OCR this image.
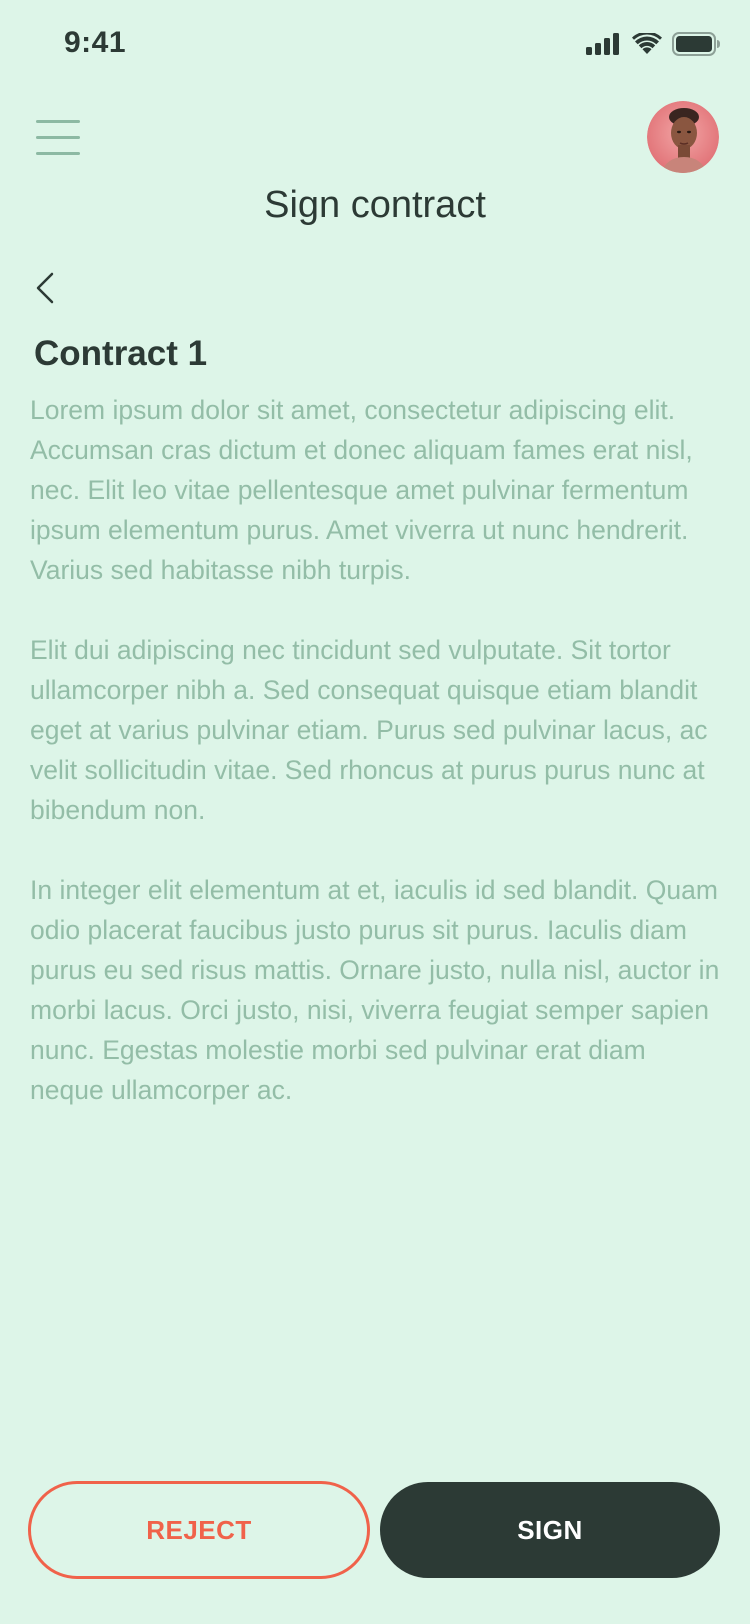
9:41
Sign contract
Contract 1

Lorem ipsum dolor sit amet, consectetur adipiscing elit. Accumsan cras dictum et donec aliquam fames erat nisl, nec. Elit leo vitae pellentesque amet pulvinar fermentum ipsum elementum purus. Amet viverra ut nunc hendrerit. Varius sed habitasse nibh turpis.

Elit dui adipiscing nec tincidunt sed vulputate. Sit tortor ullamcorper nibh a. Sed consequat quisque etiam blandit eget at varius pulvinar etiam. Purus sed pulvinar lacus, ac velit sollicitudin vitae. Sed rhoncus at purus purus nunc at bibendum non.

In integer elit elementum at et, iaculis id sed blandit. Quam odio placerat faucibus justo purus sit purus. Iaculis diam purus eu sed risus mattis. Ornare justo, nulla nisl, auctor in morbi lacus. Orci justo, nisi, viverra feugiat semper sapien nunc. Egestas molestie morbi sed pulvinar erat diam neque ullamcorper ac.

REJECT	SIGN
